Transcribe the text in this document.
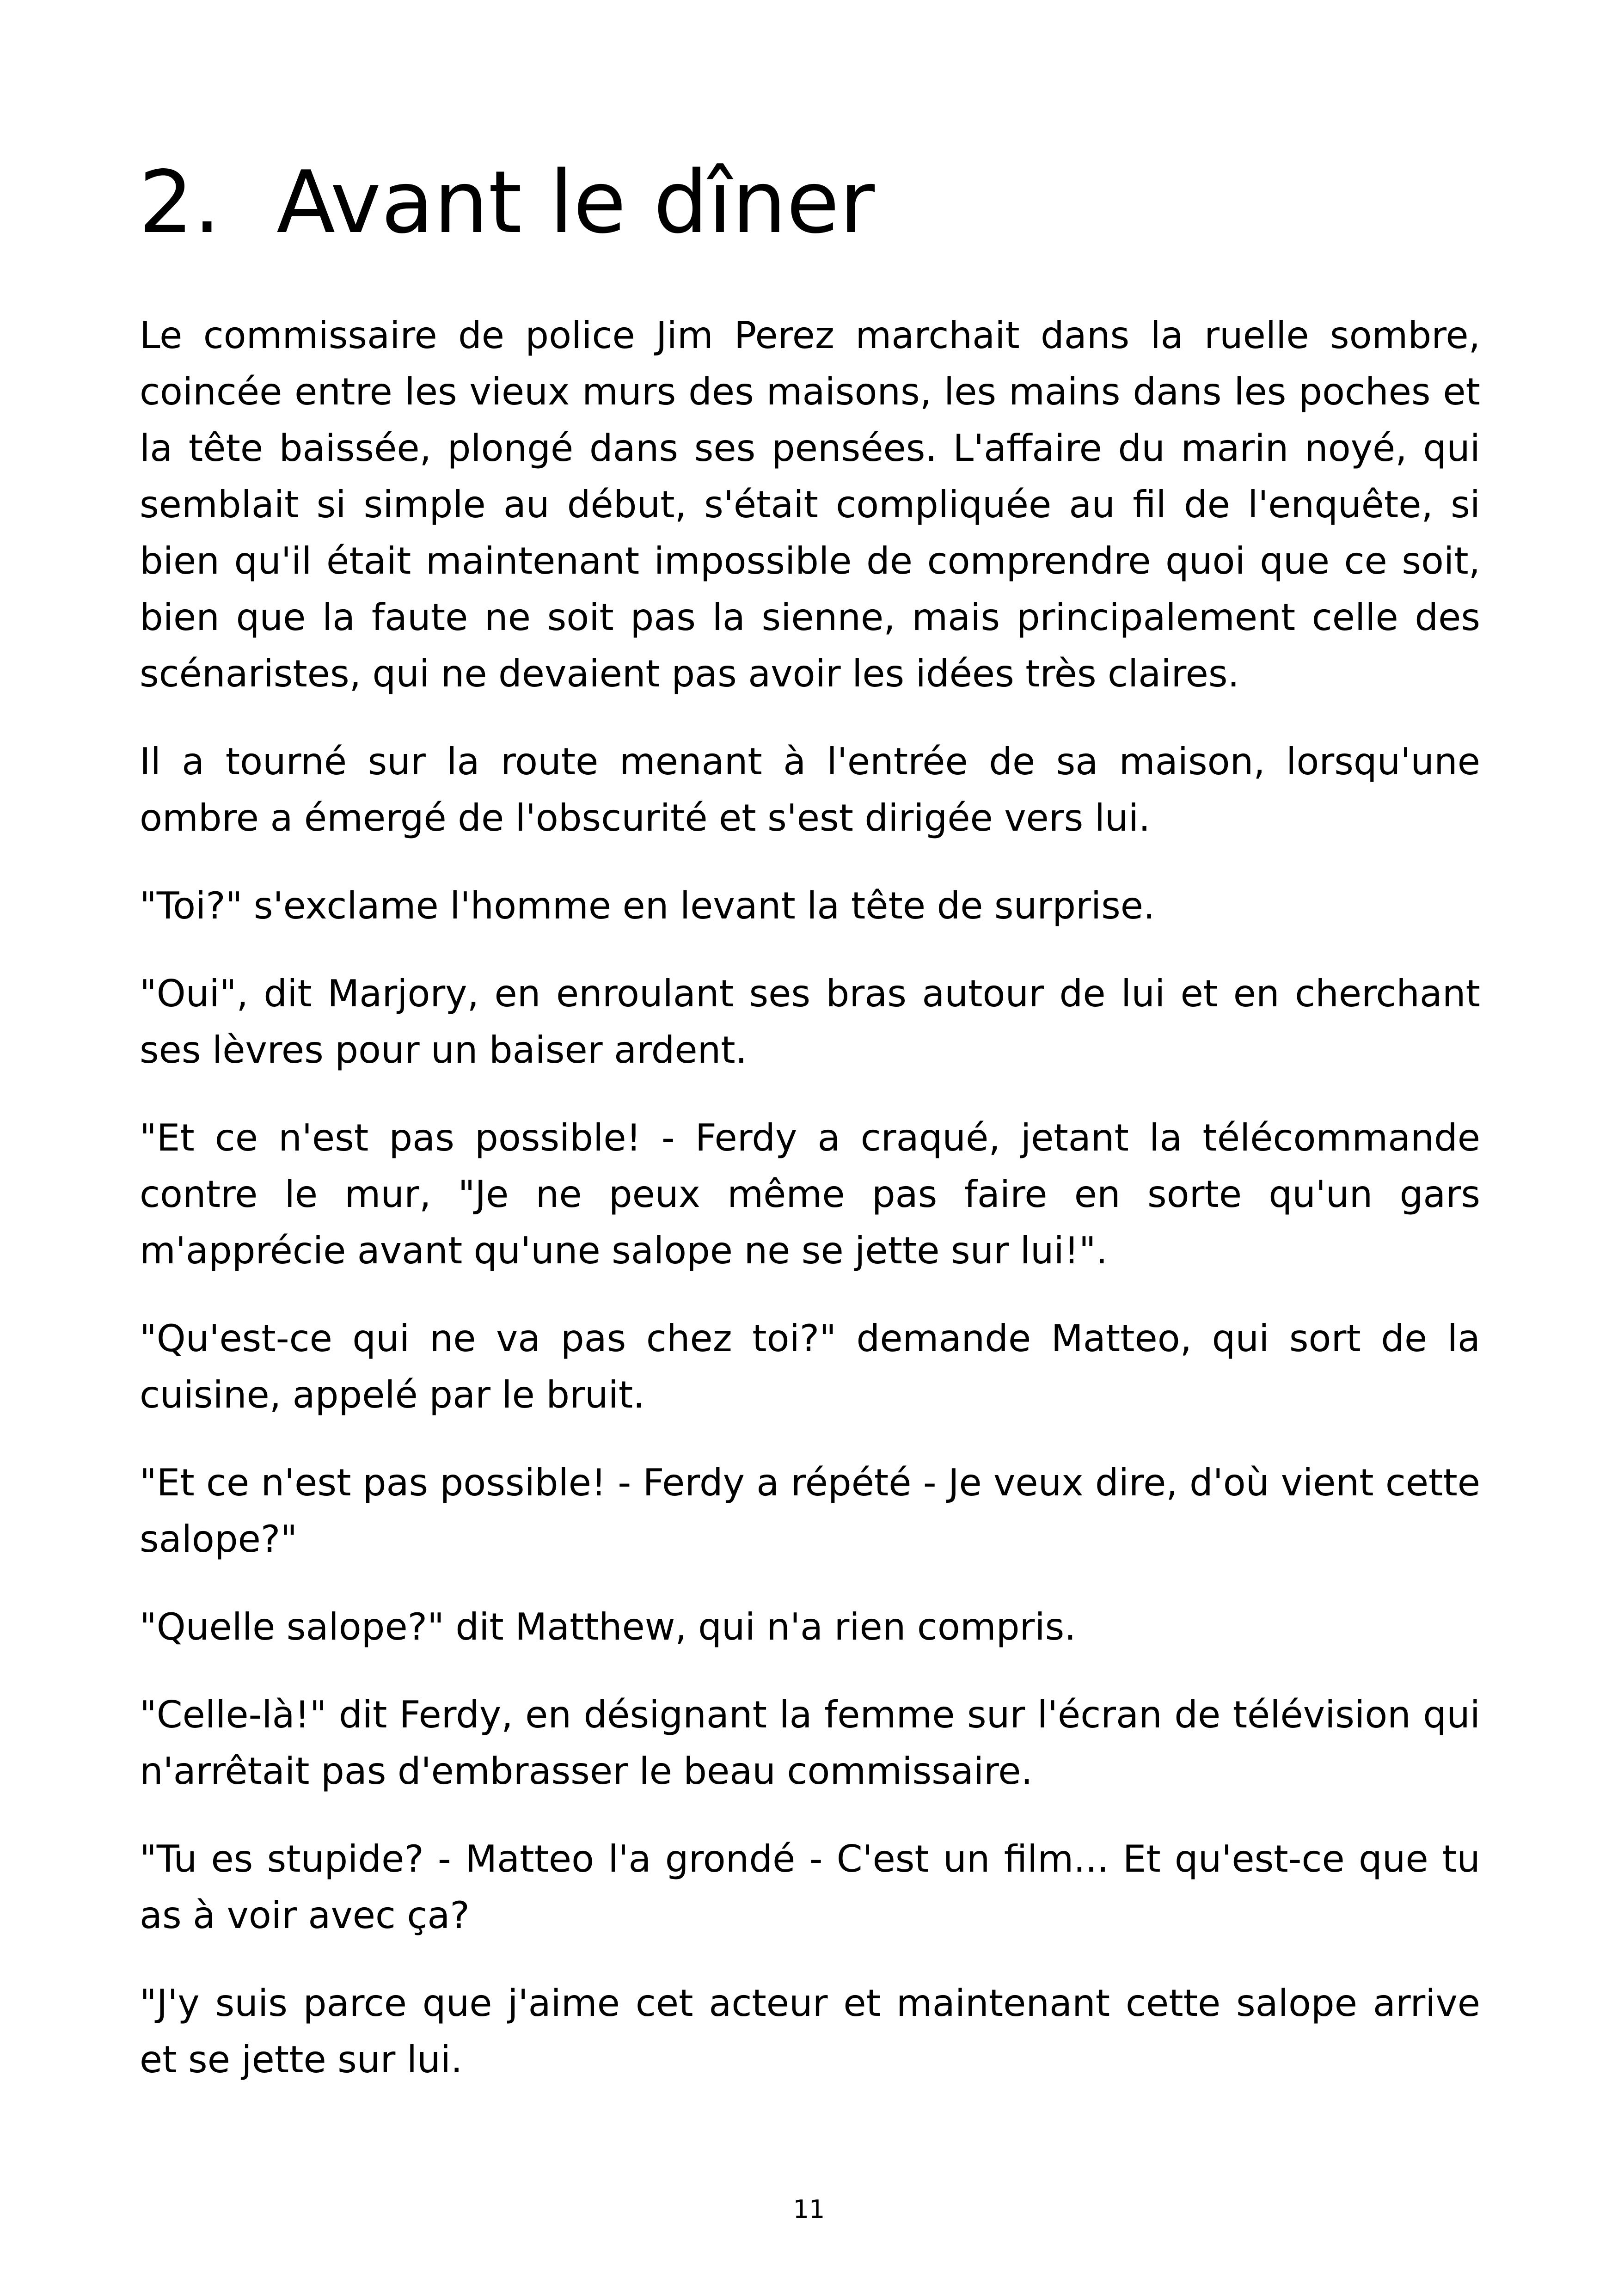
2. Avant le dîner

Le commissaire de police Jim Perez marchait dans la ruelle sombre, coincée entre les vieux murs des maisons, les mains dans les poches et la tête baissée, plongé dans ses pensées. L'affaire du marin noyé, qui semblait si simple au début, s'était compliquée au fil de l'enquête, si bien qu'il était maintenant impossible de comprendre quoi que ce soit, bien que la faute ne soit pas la sienne, mais principalement celle des scénaristes, qui ne devaient pas avoir les idées très claires.

Il a tourné sur la route menant à l'entrée de sa maison, lorsqu'une ombre a émergé de l'obscurité et s'est dirigée vers lui.

"Toi?" s'exclame l'homme en levant la tête de surprise.

"Oui", dit Marjory, en enroulant ses bras autour de lui et en cherchant ses lèvres pour un baiser ardent.

"Et ce n'est pas possible! - Ferdy a craqué, jetant la télécommande contre le mur, "Je ne peux même pas faire en sorte qu'un gars m'apprécie avant qu'une salope ne se jette sur lui!".

"Qu'est-ce qui ne va pas chez toi?" demande Matteo, qui sort de la cuisine, appelé par le bruit.

"Et ce n'est pas possible! - Ferdy a répété - Je veux dire, d'où vient cette salope?"

"Quelle salope?" dit Matthew, qui n'a rien compris.

"Celle-là!" dit Ferdy, en désignant la femme sur l'écran de télévision qui n'arrêtait pas d'embrasser le beau commissaire.

"Tu es stupide? - Matteo l'a grondé - C'est un film... Et qu'est-ce que tu as à voir avec ça?

"J'y suis parce que j'aime cet acteur et maintenant cette salope arrive et se jette sur lui.

11
